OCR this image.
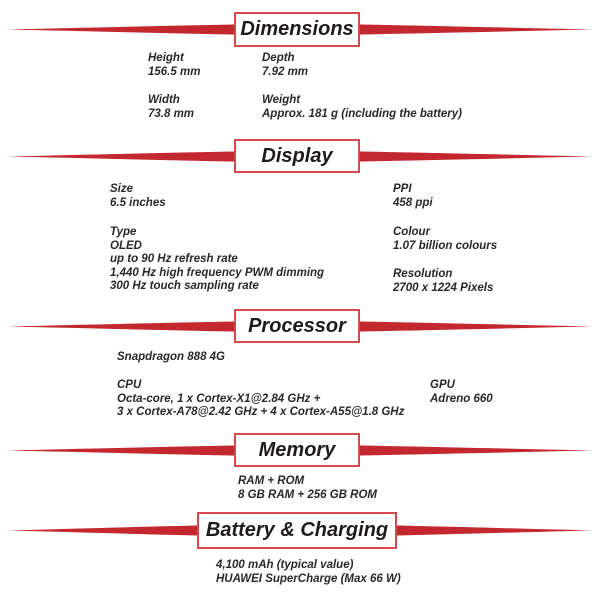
Dimensions
Height
156.5 mm
Depth
7.92 mm
Width
73.8 mm
Weight
Approx. 181 g (including the battery)
Display
Size
6.5 inches
PPI
458 ppi
Type
OLED
up to 90 Hz refresh rate
1,440 Hz high frequency PWM dimming
300 Hz touch sampling rate
Colour
1.07 billion colours
Resolution
2700 x 1224 Pixels
Processor
Snapdragon 888 4G
CPU
Octa-core, 1 x Cortex-X1@2.84 GHz +
3 x Cortex-A78@2.42 GHz + 4 x Cortex-A55@1.8 GHz
GPU
Adreno 660
Memory
RAM + ROM
8 GB RAM + 256 GB ROM
Battery & Charging
4,100 mAh (typical value)
HUAWEI SuperCharge (Max 66 W)
